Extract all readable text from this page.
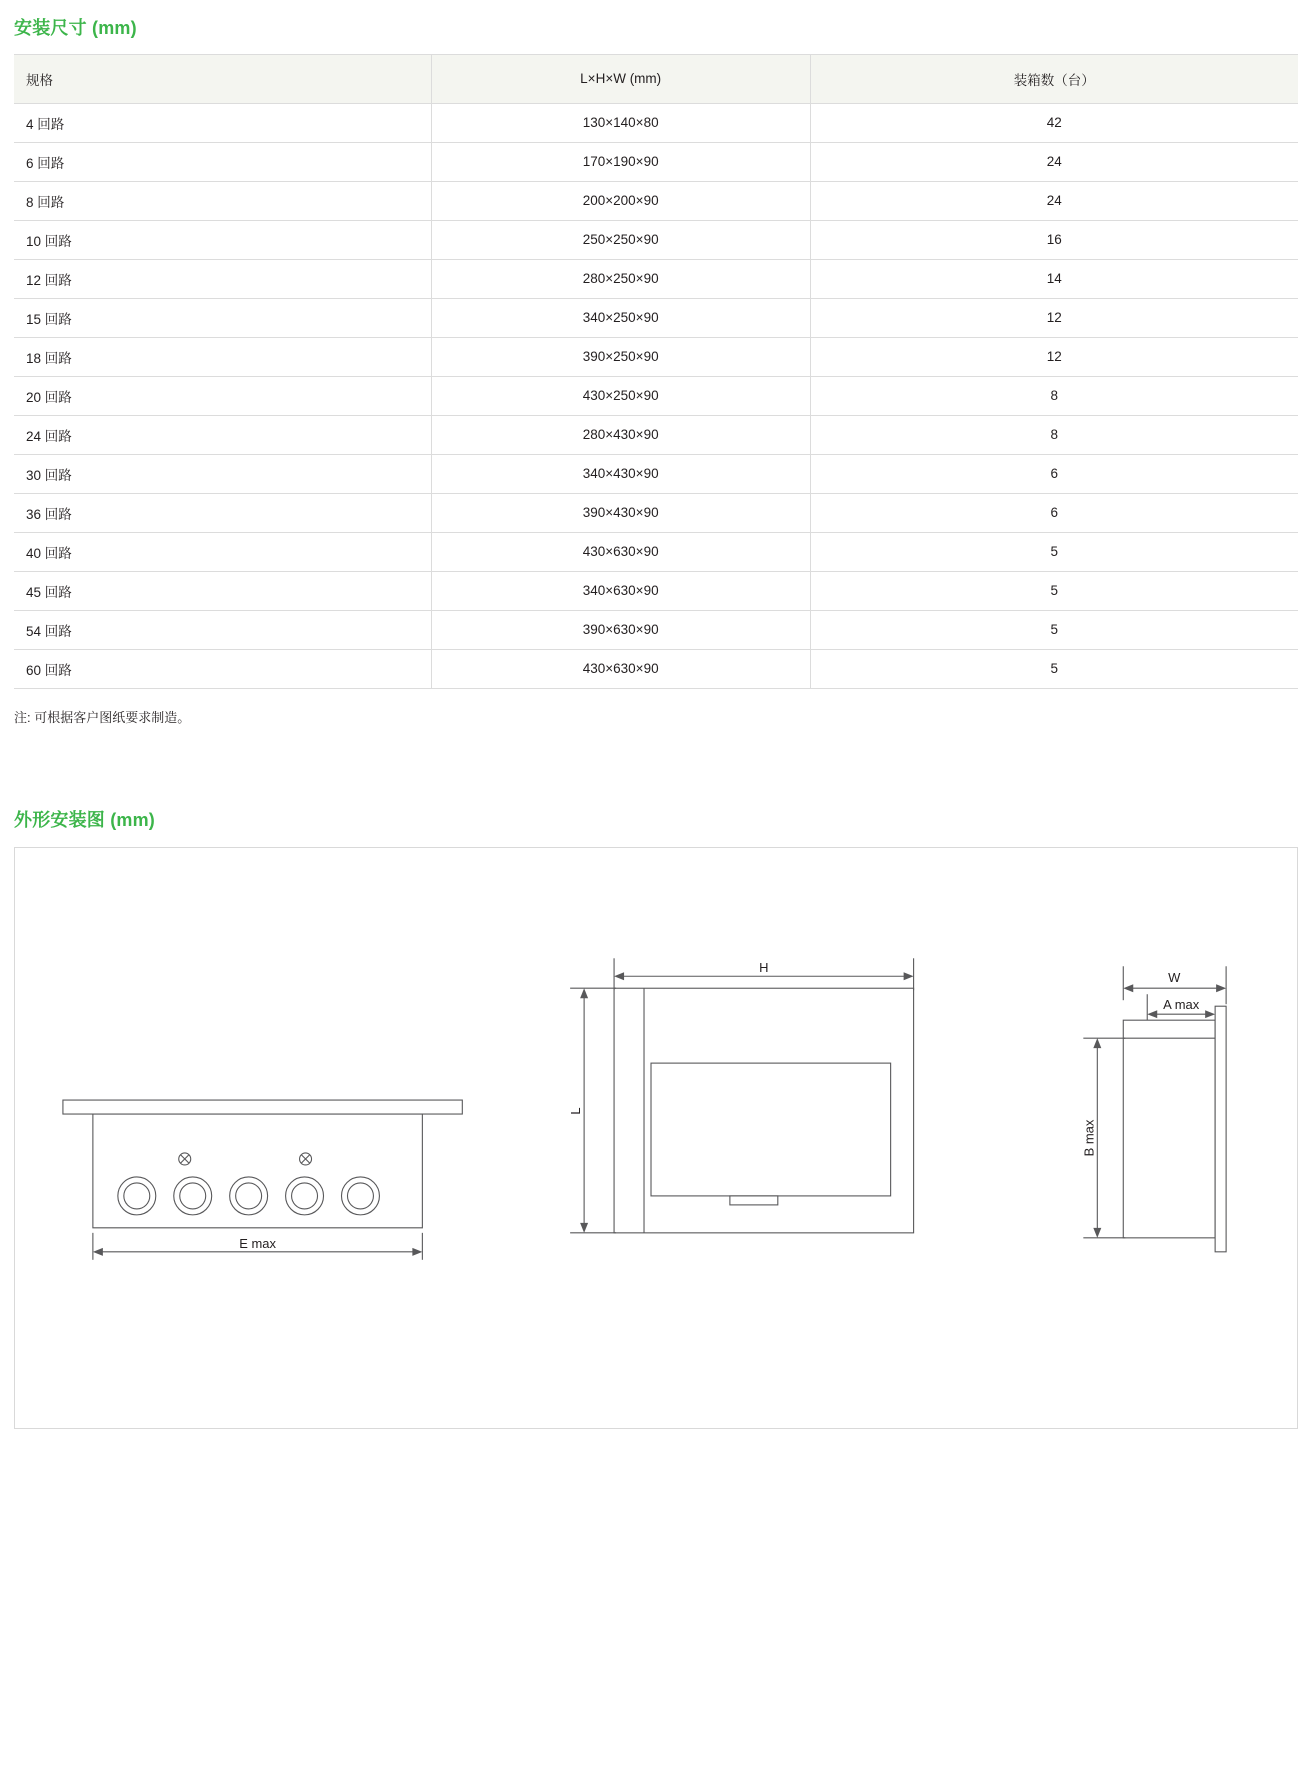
安装尺寸 (mm)
规格	L×H×W (mm)	装箱数（台）
4 回路	130×140×80	42
6 回路	170×190×90	24
8 回路	200×200×90	24
10 回路	250×250×90	16
12 回路	280×250×90	14
15 回路	340×250×90	12
18 回路	390×250×90	12
20 回路	430×250×90	8
24 回路	280×430×90	8
30 回路	340×430×90	6
36 回路	390×430×90	6
40 回路	430×630×90	5
45 回路	340×630×90	5
54 回路	390×630×90	5
60 回路	430×630×90	5

注: 可根据客户图纸要求制造。

外形安装图 (mm)
E max
H
L
W
A max
B max
